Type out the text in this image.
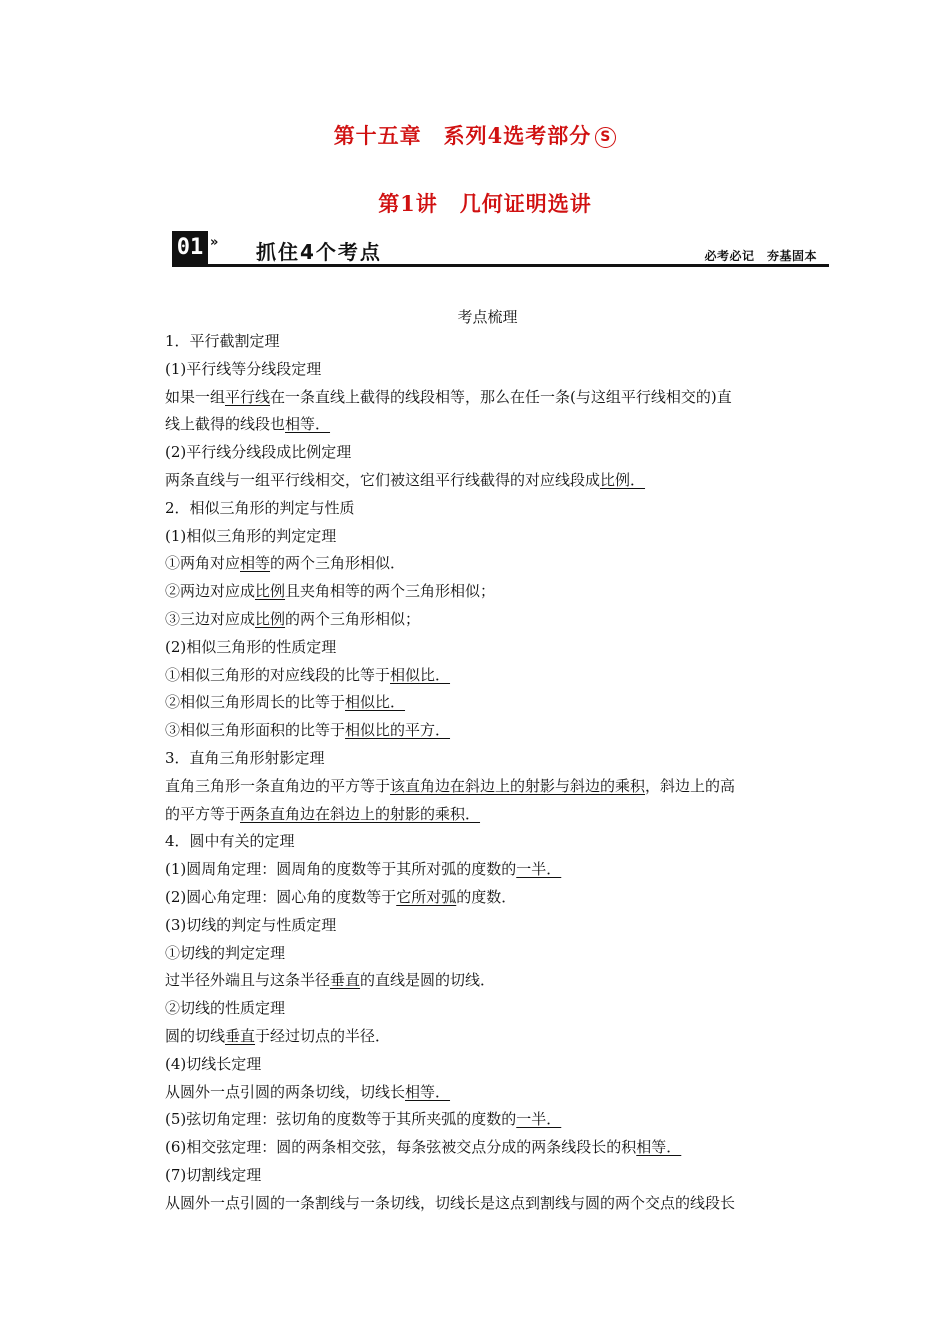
第十五章　系列4选考部分 S
第1讲　几何证明选讲
01 » 抓住4个考点	必考必记　夯基固本
考点梳理

1．平行截割定理

(1)平行线等分线段定理

如果一组平行线在一条直线上截得的线段相等，那么在任一条(与这组平行线相交的)直

线上截得的线段也相等．

(2)平行线分线段成比例定理

两条直线与一组平行线相交，它们被这组平行线截得的对应线段成比例．

2．相似三角形的判定与性质

(1)相似三角形的判定定理

①两角对应相等的两个三角形相似．

②两边对应成比例且夹角相等的两个三角形相似；

③三边对应成比例的两个三角形相似；

(2)相似三角形的性质定理

①相似三角形的对应线段的比等于相似比．

②相似三角形周长的比等于相似比．

③相似三角形面积的比等于相似比的平方．

3．直角三角形射影定理

直角三角形一条直角边的平方等于该直角边在斜边上的射影与斜边的乘积，斜边上的高

的平方等于两条直角边在斜边上的射影的乘积．

4．圆中有关的定理

(1)圆周角定理：圆周角的度数等于其所对弧的度数的一半．

(2)圆心角定理：圆心角的度数等于它所对弧的度数．

(3)切线的判定与性质定理

①切线的判定定理

过半径外端且与这条半径垂直的直线是圆的切线．

②切线的性质定理

圆的切线垂直于经过切点的半径．

(4)切线长定理

从圆外一点引圆的两条切线，切线长相等．

(5)弦切角定理：弦切角的度数等于其所夹弧的度数的一半．

(6)相交弦定理：圆的两条相交弦，每条弦被交点分成的两条线段长的积相等．

(7)切割线定理

从圆外一点引圆的一条割线与一条切线，切线长是这点到割线与圆的两个交点的线段长
